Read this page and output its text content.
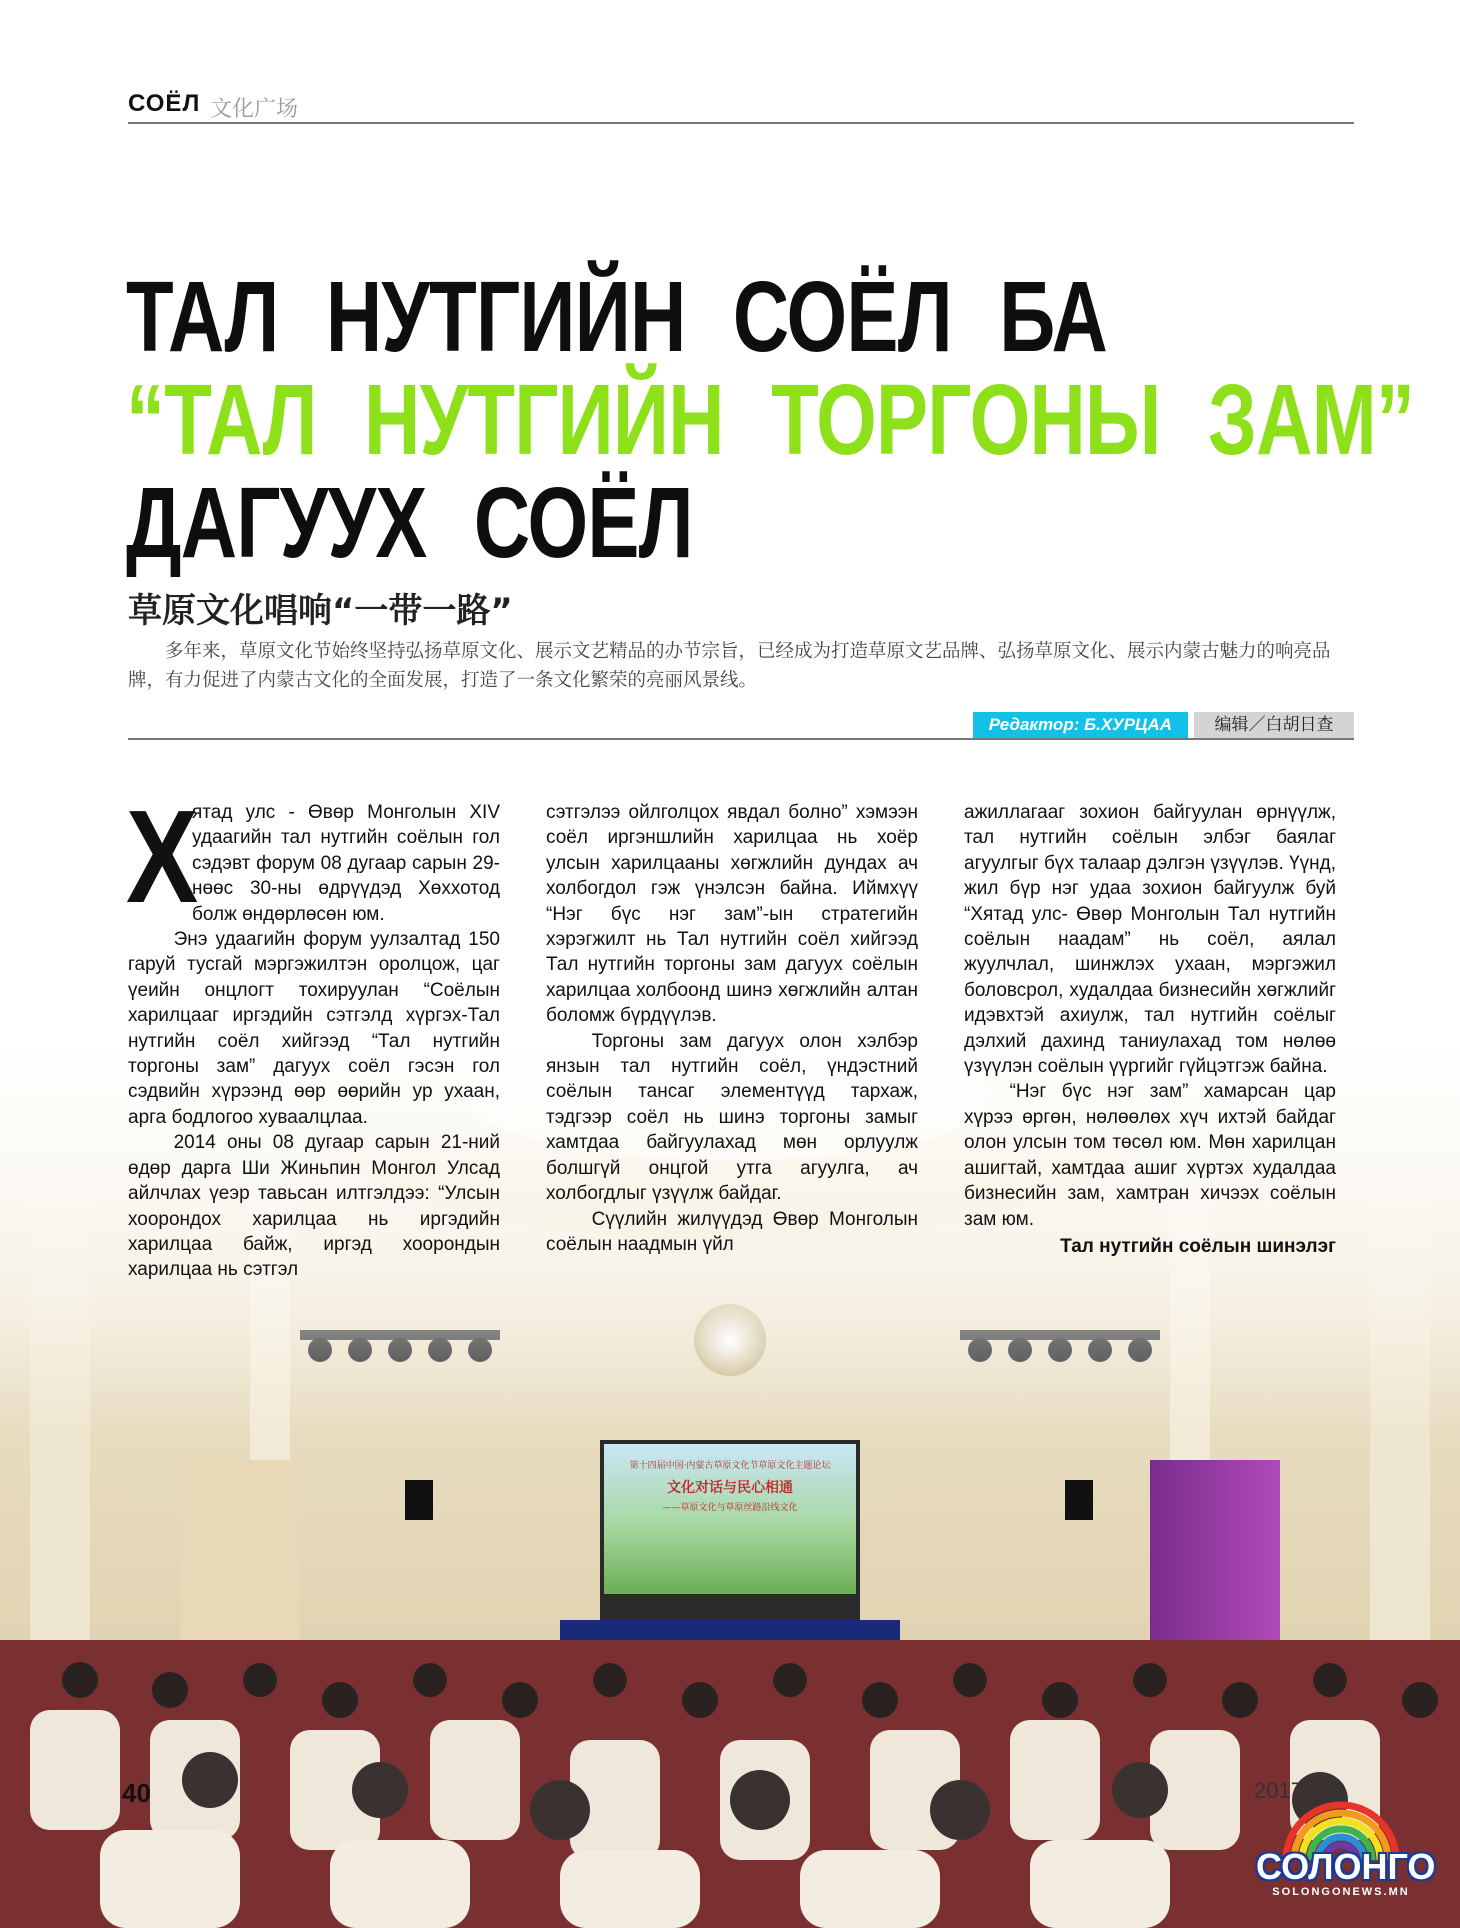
СОЁЛ 文化广场
ТАЛ НУТГИЙН СОЁЛ БА
“ТАЛ НУТГИЙН ТОРГОНЫ ЗАМ”
ДАГУУХ СОЁЛ
草原文化唱响“一带一路”

多年来，草原文化节始终坚持弘扬草原文化、展示文艺精品的办节宗旨，已经成为打造草原文艺品牌、弘扬草原文化、展示内蒙古魅力的响亮品牌，有力促进了内蒙古文化的全面发展，打造了一条文化繁荣的亮丽风景线。

Редактор: Б.ХУРЦАА	编辑／白胡日查
Х

ятад улс - Өвөр Монголын XIV удаагийн тал нутгийн соёлын гол сэдэвт форум 08 дугаар сарын 29-нөөс 30-ны өдрүүдэд Хөххотод болж өндөрлөсөн юм.

Энэ удаагийн форум уулзалтад 150 гаруй тусгай мэргэжилтэн оролцож, цаг үеийн онцлогт тохируулан “Соёлын харилцааг иргэдийн сэтгэлд хүргэх-Тал нутгийн соёл хийгээд “Тал нутгийн торгоны зам” дагуух соёл гэсэн гол сэдвийн хүрээнд өөр өөрийн ур ухаан, арга бодлогоо хуваалцлаа.

2014 оны 08 дугаар сарын 21-ний өдөр дарга Ши Жиньпин Монгол Улсад айлчлах үеэр тавьсан илтгэлдээ: “Улсын хоорондох харилцаа нь иргэдийн харилцаа байж, иргэд хоорондын харилцаа нь сэтгэл

сэтгэлээ ойлголцох явдал болно” хэмээн соёл иргэншлийн харилцаа нь хоёр улсын харилцааны хөгжлийн дундах ач холбогдол гэж үнэлсэн байна. Иймхүү “Нэг бүс нэг зам”-ын стратегийн хэрэгжилт нь Тал нутгийн соёл хийгээд Тал нутгийн торгоны зам дагуух соёлын харилцаа холбоонд шинэ хөгжлийн алтан боломж бүрдүүлэв.

Торгоны зам дагуух олон хэлбэр янзын тал нутгийн соёл, үндэстний соёлын тансаг элементүүд тархаж, тэдгээр соёл нь шинэ торгоны замыг хамтдаа байгуулахад мөн орлуулж болшгүй онцгой утга агуулга, ач холбогдлыг үзүүлж байдаг.

Сүүлийн жилүүдэд Өвөр Монголын соёлын наадмын үйл

ажиллагааг зохион байгуулан өрнүүлж, тал нутгийн соёлын элбэг баялаг агуулгыг бүх талаар дэлгэн үзүүлэв. Үүнд, жил бүр нэг удаа зохион байгуулж буй “Хятад улс- Өвөр Монголын Тал нутгийн соёлын наадам” нь соёл, аялал жуулчлал, шинжлэх ухаан, мэргэжил боловсрол, худалдаа бизнесийн хөгжлийг идэвхтэй ахиулж, тал нутгийн соёлыг дэлхий дахинд таниулахад том нөлөө үзүүлэн соёлын үүргийг гүйцэтгэж байна.

“Нэг бүс нэг зам” хамарсан цар хүрээ өргөн, нөлөөлөх хүч ихтэй байдаг олон улсын том төсөл юм. Мөн харилцан ашигтай, хамтдаа ашиг хүртэх худалдаа бизнесийн зам, хамтран хичээх соёлын зам юм.

Тал нутгийн соёлын шинэлэг

40	2017/279
СОЛОНГО
SOLONGONEWS.MN
